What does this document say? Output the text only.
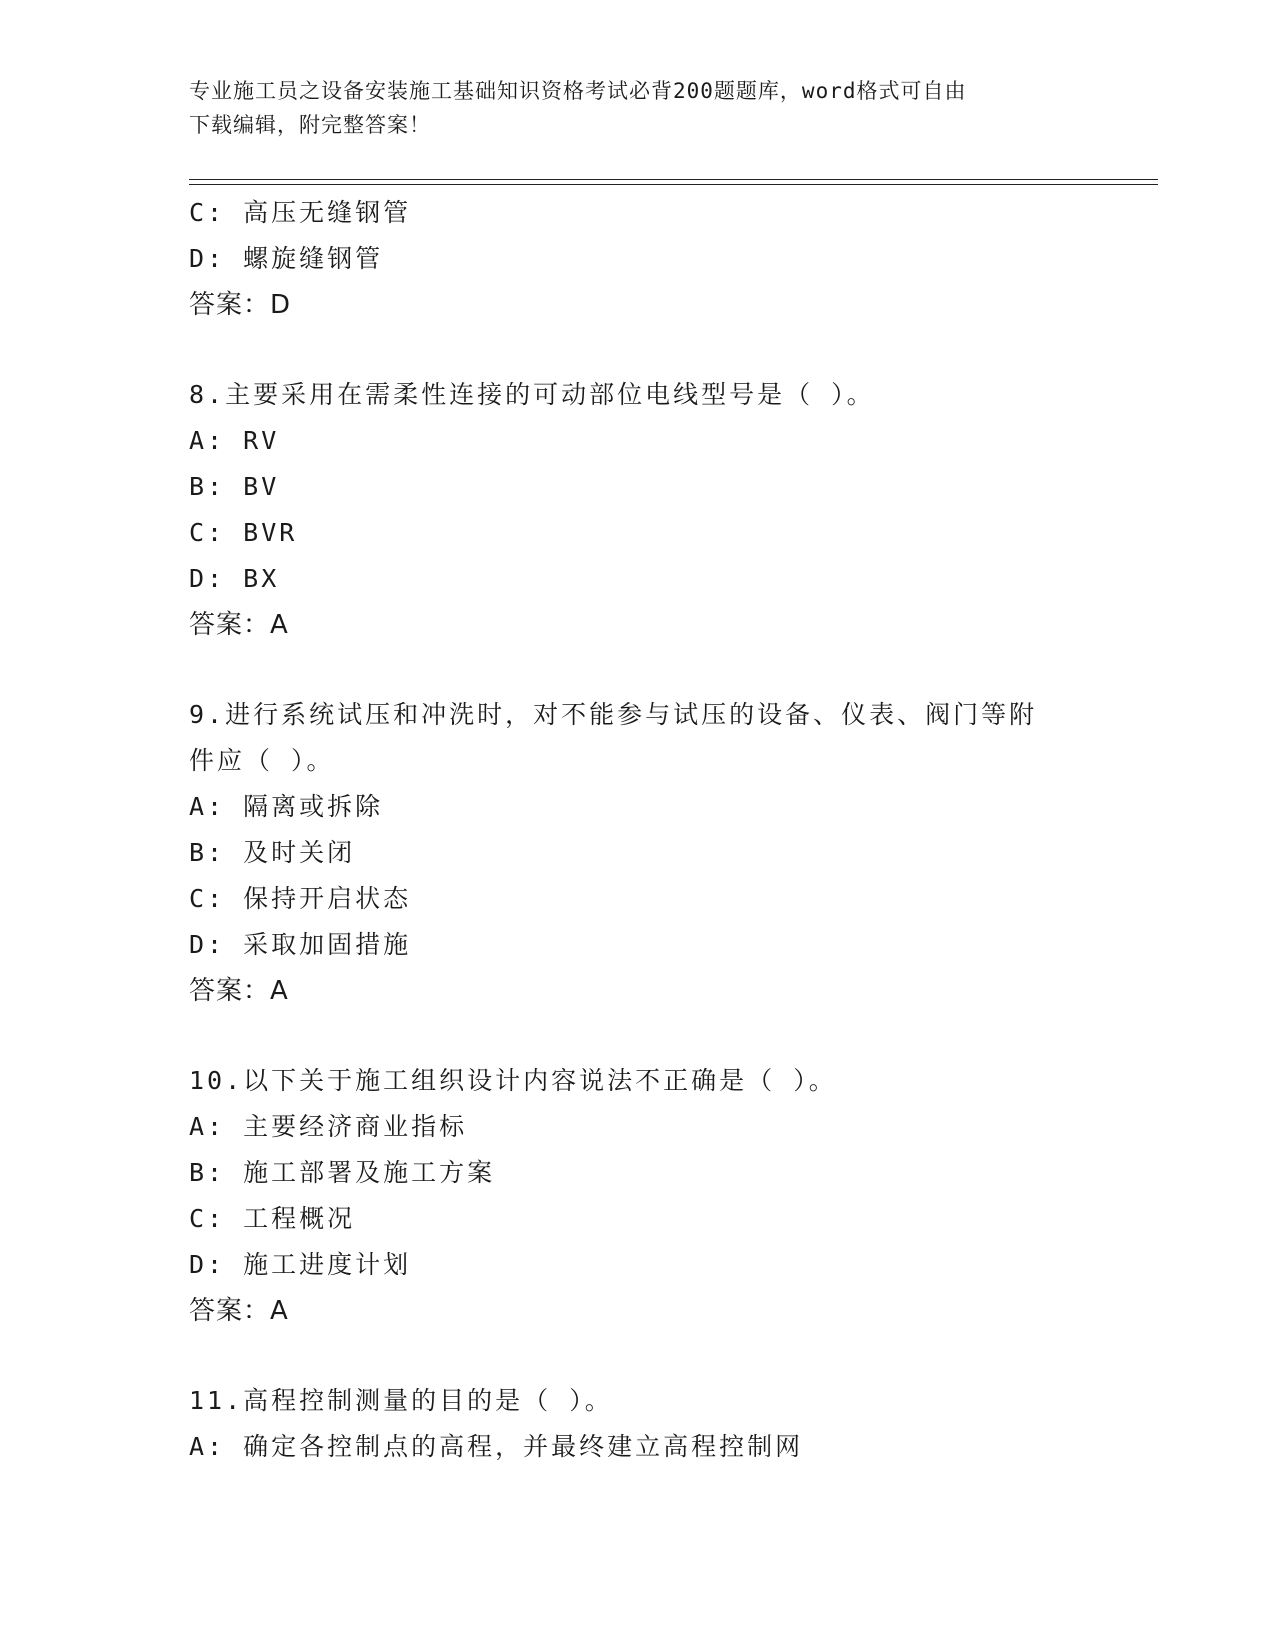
专业施工员之设备安装施工基础知识资格考试必背200题题库，word格式可自由
下载编辑，附完整答案！
C: 高压无缝钢管
D: 螺旋缝钢管
答案：D
8.主要采用在需柔性连接的可动部位电线型号是（ ）。
A: RV
B: BV
C: BVR
D: BX
答案：A
9.进行系统试压和冲洗时，对不能参与试压的设备、仪表、阀门等附
件应（ ）。
A: 隔离或拆除
B: 及时关闭
C: 保持开启状态
D: 采取加固措施
答案：A
10.以下关于施工组织设计内容说法不正确是（ ）。
A: 主要经济商业指标
B: 施工部署及施工方案
C: 工程概况
D: 施工进度计划
答案：A
11.高程控制测量的目的是（ ）。
A: 确定各控制点的高程，并最终建立高程控制网
